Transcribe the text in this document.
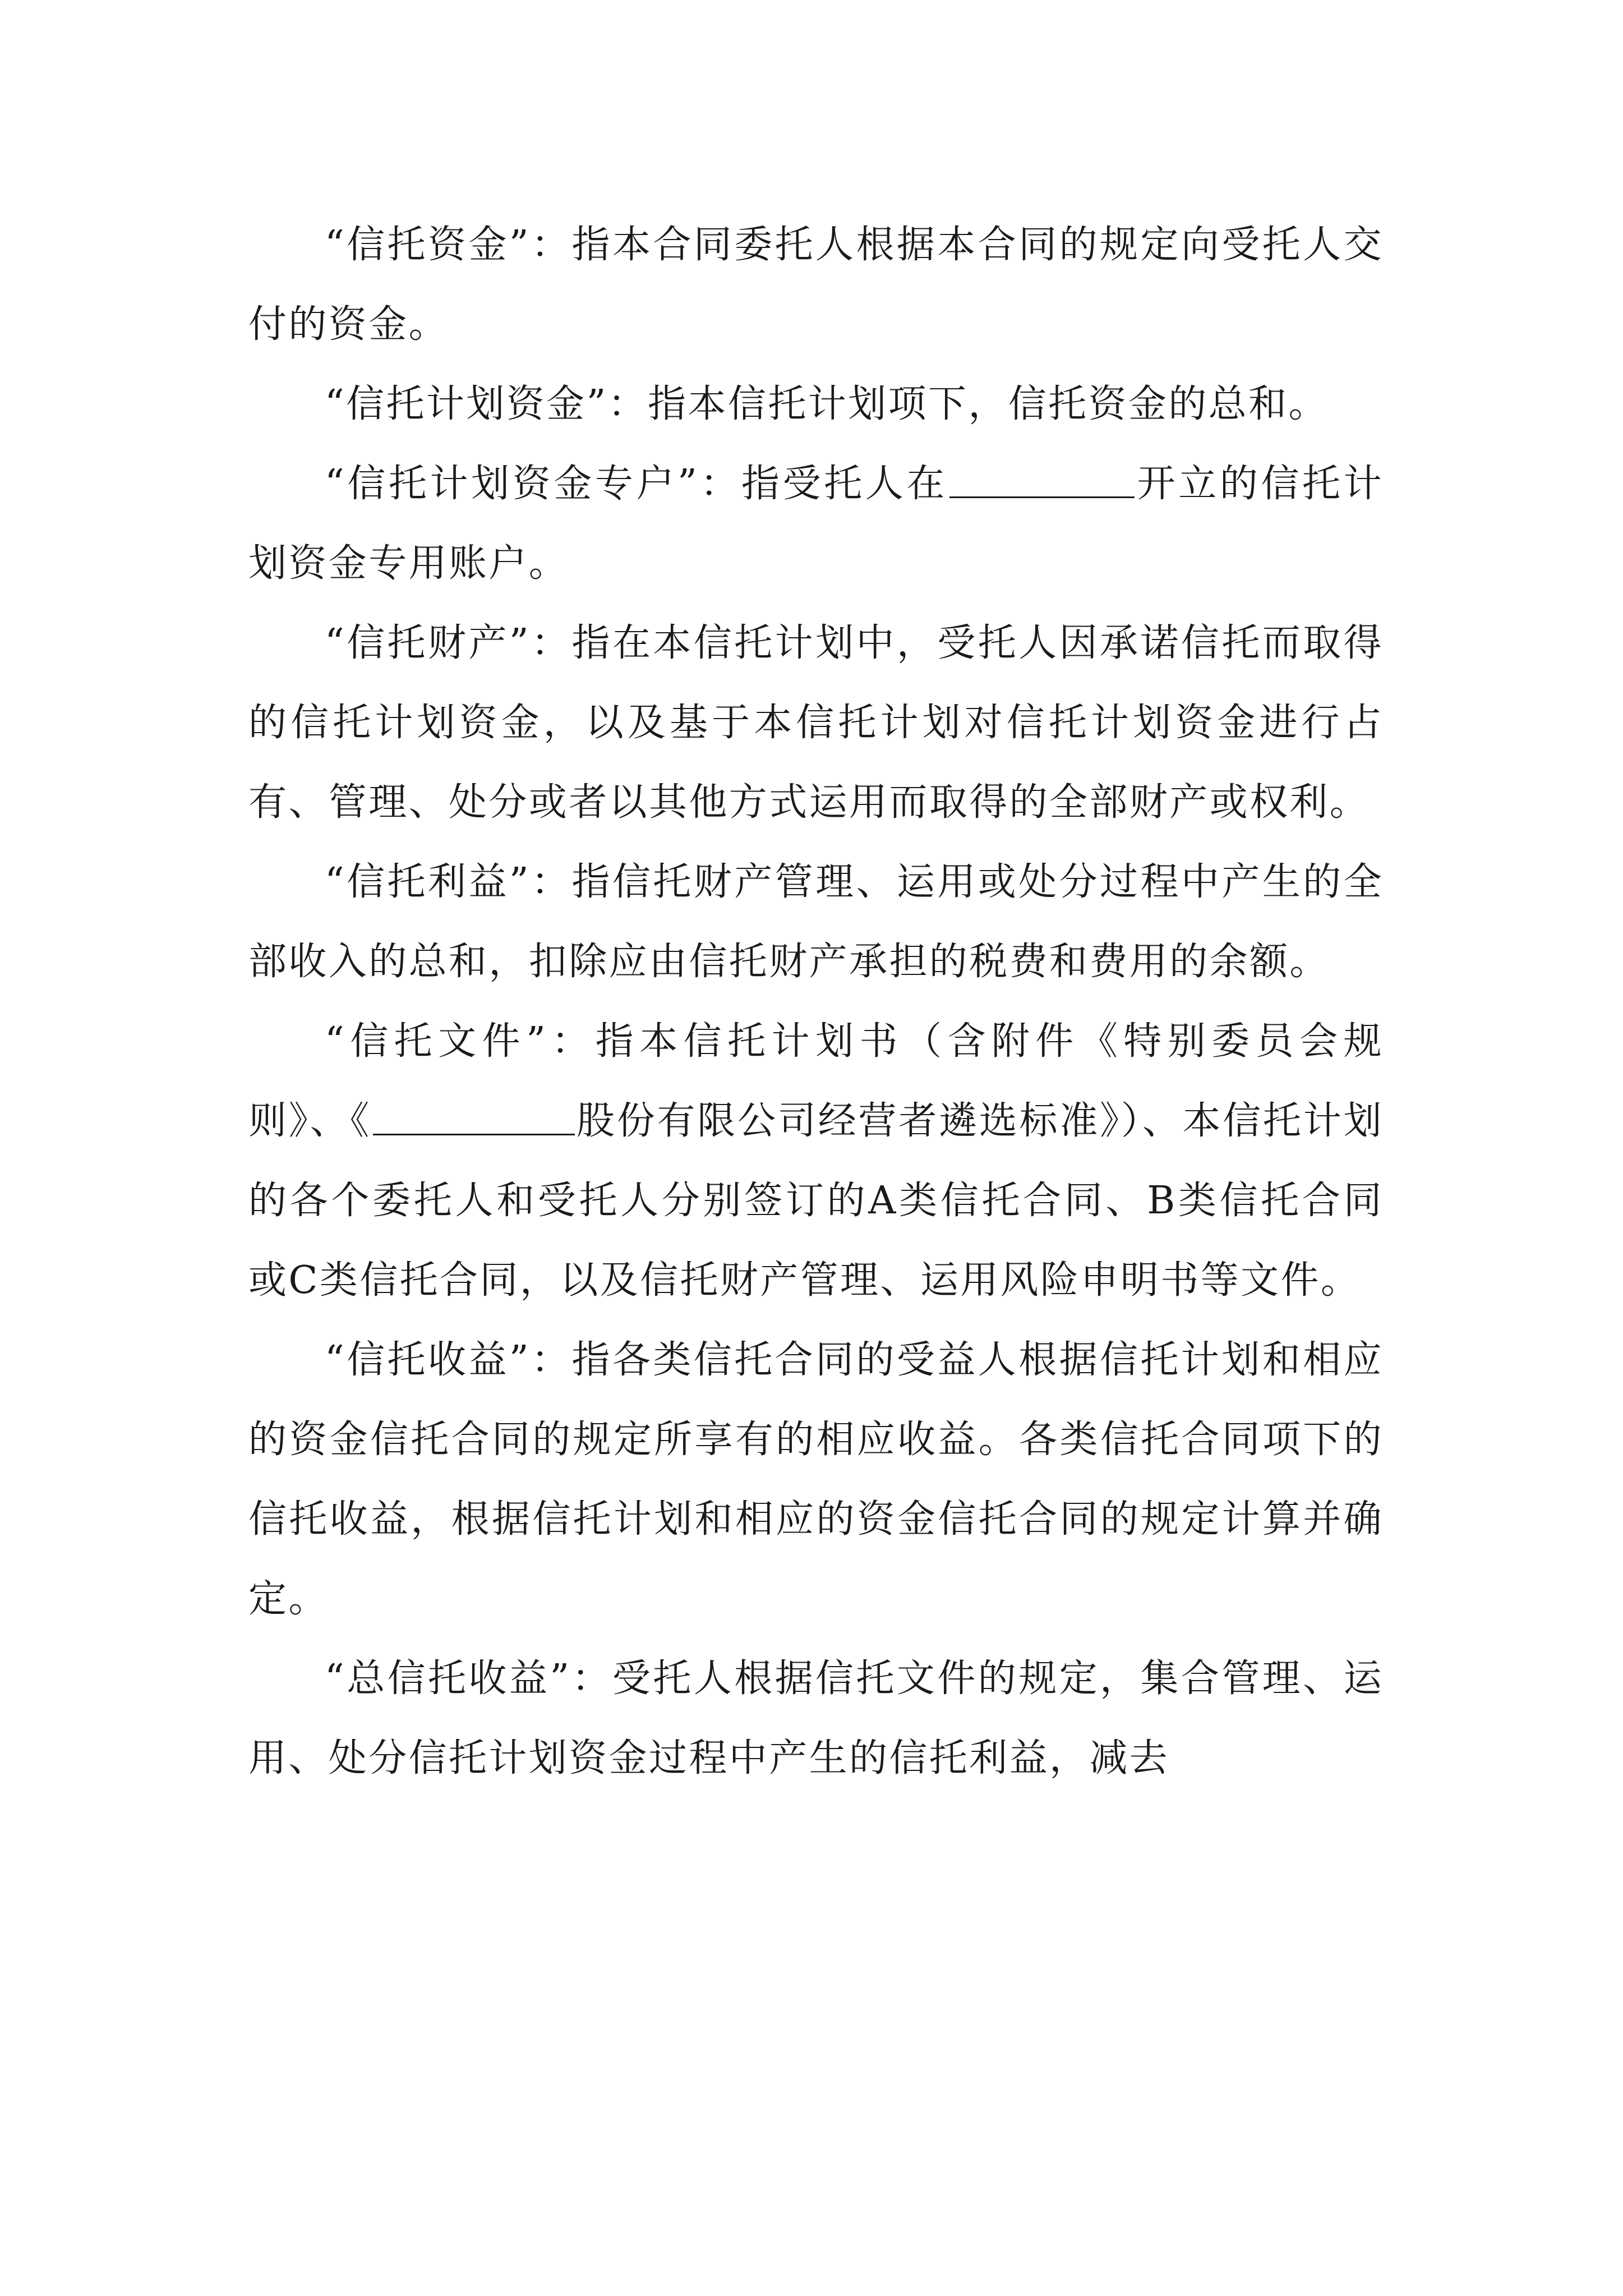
“信托资金”：指本合同委托人根据本合同的规定向受托人交付的资金。

“信托计划资金”：指本信托计划项下，信托资金的总和。

“信托计划资金专户”：指受托人在	开立的信托计划资金专用账户。

“信托财产”：指在本信托计划中，受托人因承诺信托而取得的信托计划资金，以及基于本信托计划对信托计划资金进行占有、管理、处分或者以其他方式运用而取得的全部财产或权利。

“信托利益”：指信托财产管理、运用或处分过程中产生的全部收入的总和，扣除应由信托财产承担的税费和费用的余额。

“信托文件”：指本信托计划书（含附件《特别委员会规则》、《	股份有限公司经营者遴选标准》）、本信托计划的各个委托人和受托人分别签订的A类信托合同、B类信托合同或C类信托合同，以及信托财产管理、运用风险申明书等文件。

“信托收益”：指各类信托合同的受益人根据信托计划和相应的资金信托合同的规定所享有的相应收益。各类信托合同项下的信托收益，根据信托计划和相应的资金信托合同的规定计算并确定。

“总信托收益”：受托人根据信托文件的规定，集合管理、运用、处分信托计划资金过程中产生的信托利益，减去
